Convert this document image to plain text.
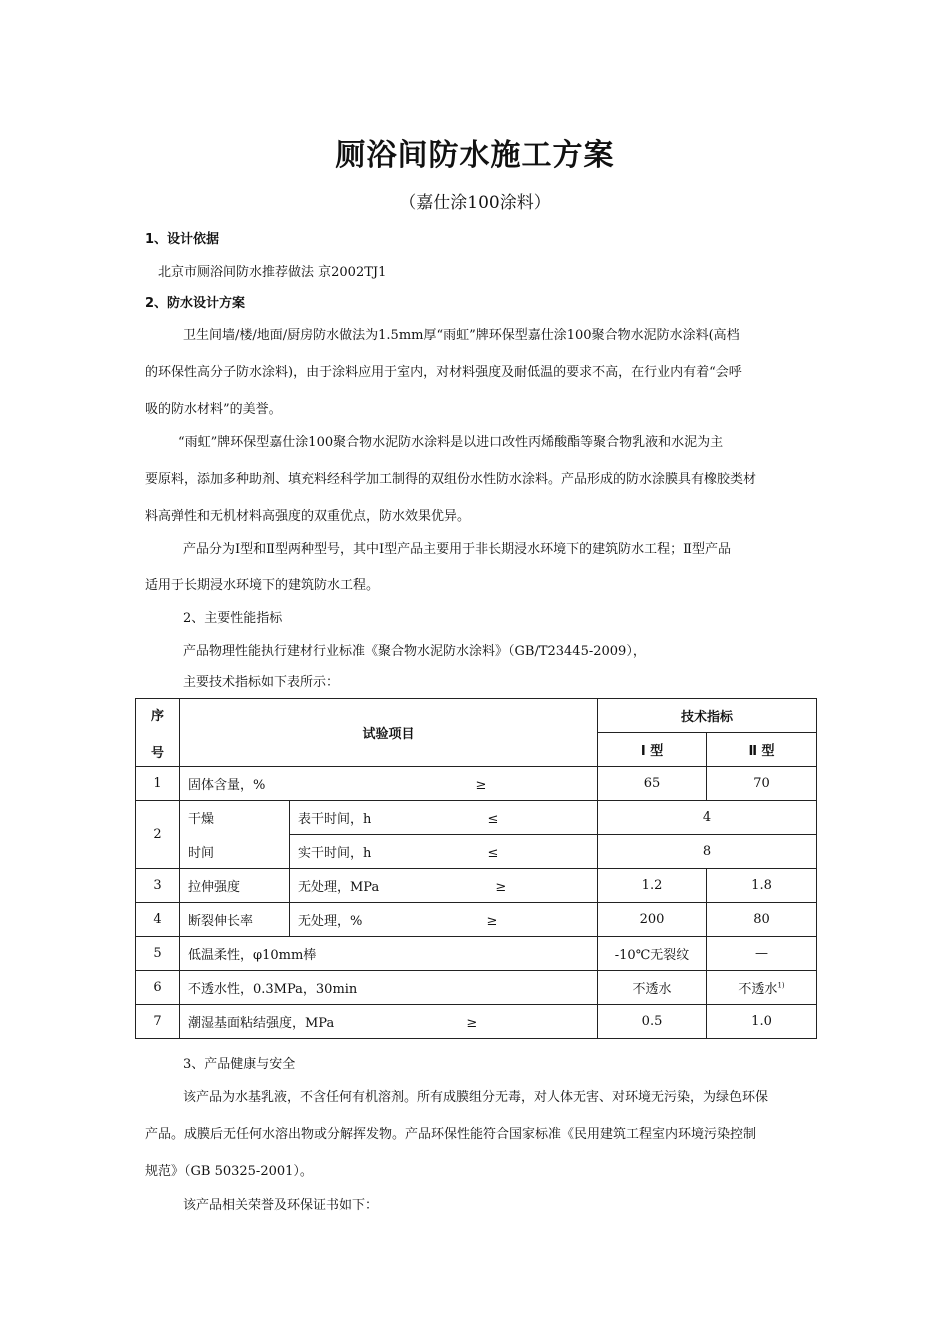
厕浴间防水施工方案
（嘉仕涂100涂料）
1、设计依据
北京市厕浴间防水推荐做法 京2002TJ1
2、防水设计方案
卫生间墙/楼/地面/厨房防水做法为1.5mm厚“雨虹”牌环保型嘉仕涂100聚合物水泥防水涂料(高档
的环保性高分子防水涂料)，由于涂料应用于室内，对材料强度及耐低温的要求不高，在行业内有着“会呼
吸的防水材料”的美誉。
“雨虹”牌环保型嘉仕涂100聚合物水泥防水涂料是以进口改性丙烯酸酯等聚合物乳液和水泥为主
要原料，添加多种助剂、填充料经科学加工制得的双组份水性防水涂料。产品形成的防水涂膜具有橡胶类材
料高弹性和无机材料高强度的双重优点，防水效果优异。
产品分为Ⅰ型和Ⅱ型两种型号，其中Ⅰ型产品主要用于非长期浸水环境下的建筑防水工程；Ⅱ型产品
适用于长期浸水环境下的建筑防水工程。
2、主要性能指标
产品物理性能执行建材行业标准《聚合物水泥防水涂料》（GB/T23445-2009），
主要技术指标如下表所示：
序
号	试验项目		技术指标	
			Ⅰ 型	Ⅱ 型
1	固体含量，% ≥		65	70
2	干燥
时间	表干时间，h ≤	4	
		实干时间，h ≤	8	
3	拉伸强度	无处理，MPa ≥	1.2	1.8
4	断裂伸长率	无处理，% ≥	200	80
5	低温柔性，φ10mm棒		-10℃无裂纹	—
6	不透水性，0.3MPa，30min		不透水	不透水$^{1)}$
7	潮湿基面粘结强度，MPa ≥		0.5	1.0
3、产品健康与安全
该产品为水基乳液，不含任何有机溶剂。所有成膜组分无毒，对人体无害、对环境无污染，为绿色环保
产品。成膜后无任何水溶出物或分解挥发物。产品环保性能符合国家标准《民用建筑工程室内环境污染控制
规范》（GB 50325-2001）。
该产品相关荣誉及环保证书如下：
